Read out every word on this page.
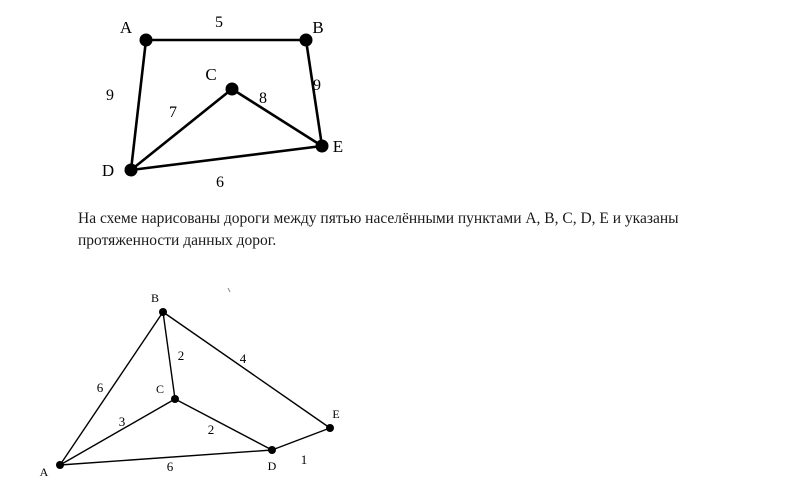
A	B
C
D
E
5
9
9
7
8
6
На схеме нарисованы дороги между пятью населёнными пунктами A, B, C, D, E и указаны протяженности данных дорог.
A
B
C
D
E
6
2	4
3
2
6	1
